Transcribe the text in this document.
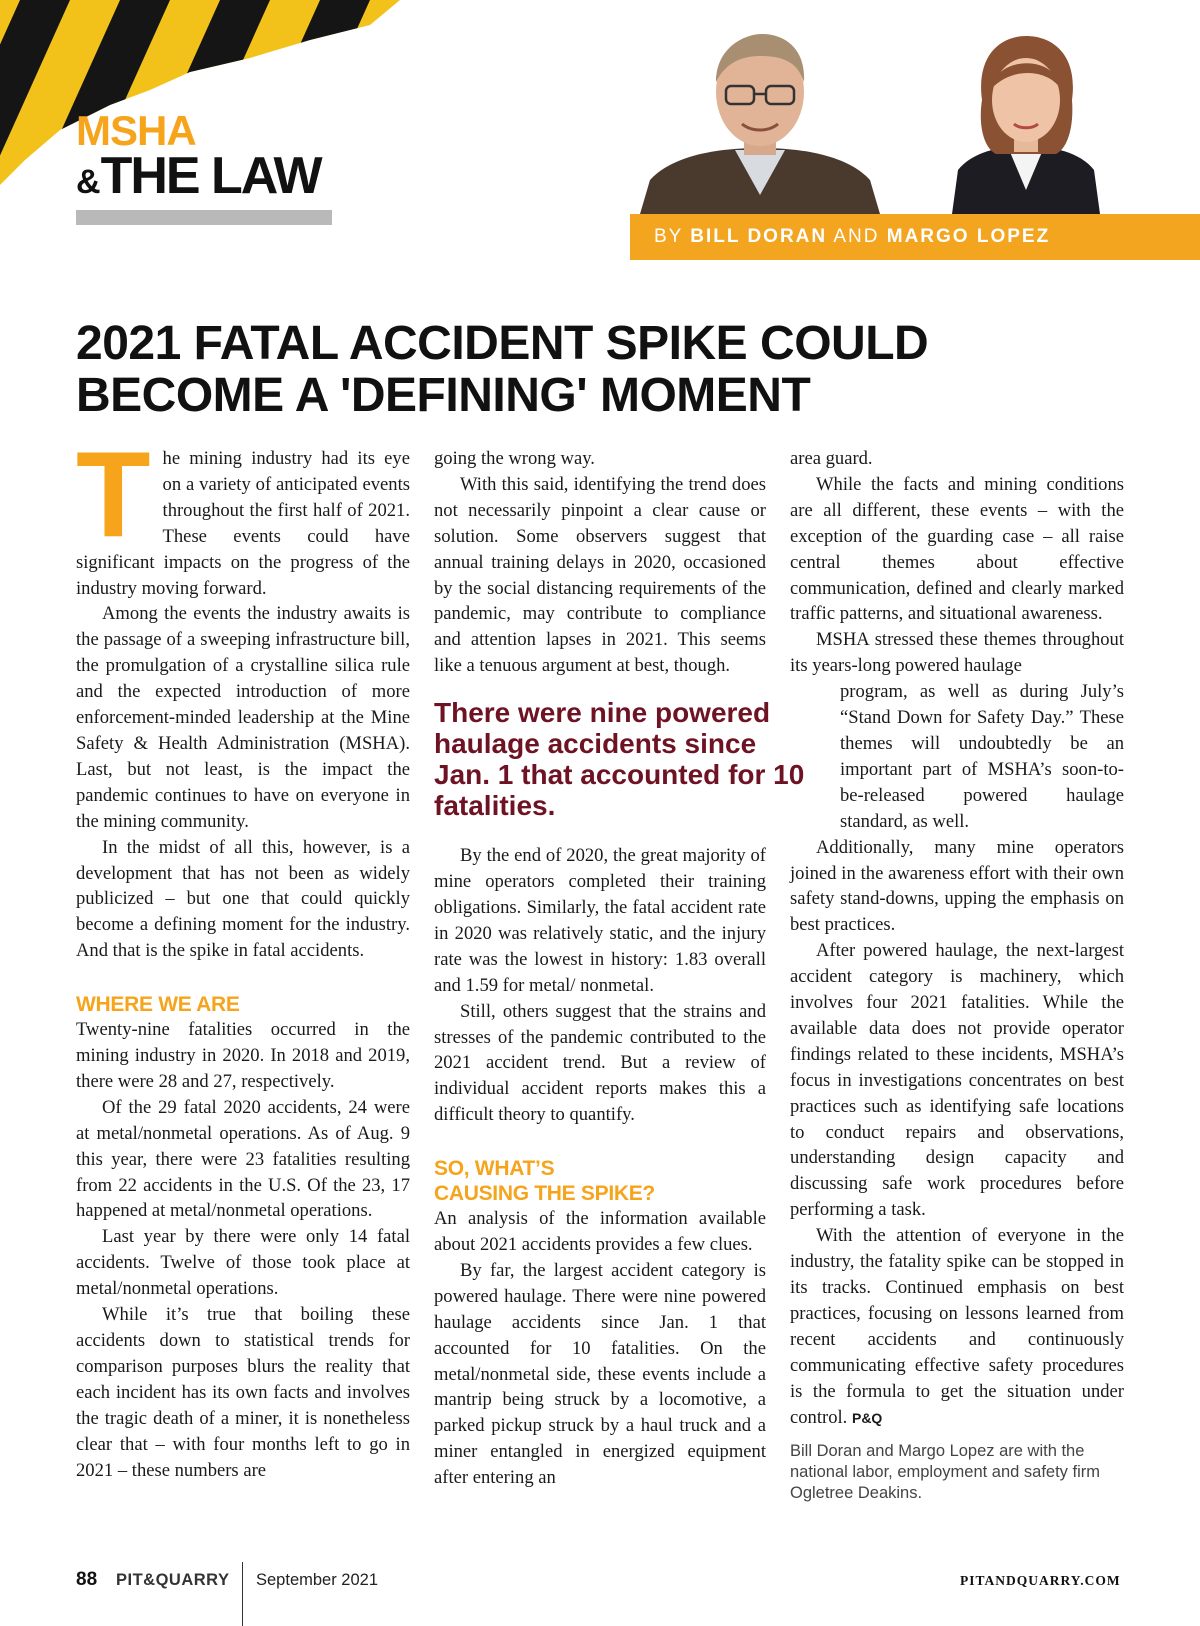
MSHA
&THE LAW
BY BILL DORAN AND MARGO LOPEZ
2021 FATAL ACCIDENT SPIKE COULD
BECOME A 'DEFINING' MOMENT

The mining industry had its eye on a variety of anticipated events throughout the first half of 2021. These events could have significant impacts on the progress of the industry moving forward.

Among the events the industry awaits is the passage of a sweeping infrastructure bill, the promulgation of a crystalline silica rule and the expected introduction of more enforcement-minded leadership at the Mine Safety & Health Administration (MSHA). Last, but not least, is the impact the pandemic continues to have on everyone in the mining community.

In the midst of all this, however, is a development that has not been as widely publicized – but one that could quickly become a defining moment for the industry. And that is the spike in fatal accidents.

WHERE WE ARE

Twenty-nine fatalities occurred in the mining industry in 2020. In 2018 and 2019, there were 28 and 27, respectively.

Of the 29 fatal 2020 accidents, 24 were at metal/nonmetal operations. As of Aug. 9 this year, there were 23 fatalities resulting from 22 accidents in the U.S. Of the 23, 17 happened at metal/nonmetal operations.

Last year by there were only 14 fatal accidents. Twelve of those took place at metal/nonmetal operations.

While it’s true that boiling these accidents down to statistical trends for comparison purposes blurs the reality that each incident has its own facts and involves the tragic death of a miner, it is nonetheless clear that – with four months left to go in 2021 – these numbers are

going the wrong way.

With this said, identifying the trend does not necessarily pinpoint a clear cause or solution. Some observers suggest that annual training delays in 2020, occasioned by the social distancing requirements of the pandemic, may contribute to compliance and attention lapses in 2021. This seems like a tenuous argument at best, though.

There were nine powered haulage accidents since Jan. 1 that accounted for 10 fatalities.

By the end of 2020, the great majority of mine operators completed their training obligations. Similarly, the fatal accident rate in 2020 was relatively static, and the injury rate was the lowest in history: 1.83 overall and 1.59 for metal/ nonmetal.

Still, others suggest that the strains and stresses of the pandemic contributed to the 2021 accident trend. But a review of individual accident reports makes this a difficult theory to quantify.

SO, WHAT’S
CAUSING THE SPIKE?

An analysis of the information available about 2021 accidents provides a few clues.

By far, the largest accident category is powered haulage. There were nine powered haulage accidents since Jan. 1 that accounted for 10 fatalities. On the metal/nonmetal side, these events include a mantrip being struck by a locomotive, a parked pickup struck by a haul truck and a miner entangled in energized equipment after entering an

area guard.

While the facts and mining conditions are all different, these events – with the exception of the guarding case – all raise central themes about effective communication, defined and clearly marked traffic patterns, and situational awareness.

MSHA stressed these themes throughout its years-long powered haulage

program, as well as during July’s “Stand Down for Safety Day.” These themes will undoubtedly be an important part of MSHA’s soon-to-be-released powered haulage standard, as well.

Additionally, many mine operators joined in the awareness effort with their own safety stand-downs, upping the emphasis on best practices.

After powered haulage, the next-largest accident category is machinery, which involves four 2021 fatalities. While the available data does not provide operator findings related to these incidents, MSHA’s focus in investigations concentrates on best practices such as identifying safe locations to conduct repairs and observations, understanding design capacity and discussing safe work procedures before performing a task.

With the attention of everyone in the industry, the fatality spike can be stopped in its tracks. Continued emphasis on best practices, focusing on lessons learned from recent accidents and continuously communicating effective safety procedures is the formula to get the situation under control. P&Q

Bill Doran and Margo Lopez are with the national labor, employment and safety firm Ogletree Deakins.
88 PIT&QUARRY September 2021	PITANDQUARRY.COM
